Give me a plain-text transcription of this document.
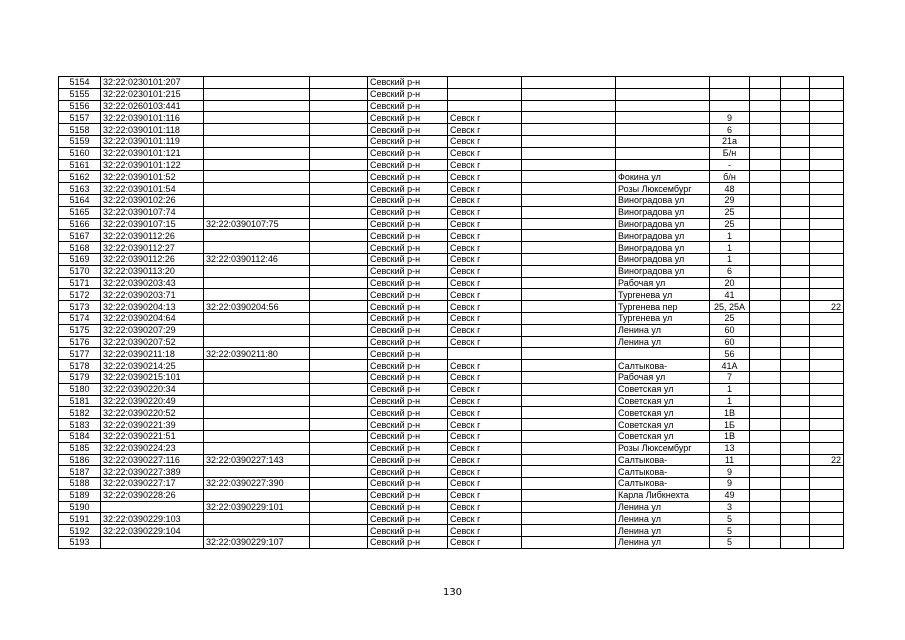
5154	32:22:0230101:207			Севский р-н							
5155	32:22:0230101:215			Севский р-н							
5156	32:22:0260103:441			Севский р-н							
5157	32:22:0390101:116			Севский р-н	Севск г			9			
5158	32:22:0390101:118			Севский р-н	Севск г			6			
5159	32:22:0390101:119			Севский р-н	Севск г			21а			
5160	32:22:0390101:121			Севский р-н	Севск г			Б/н			
5161	32:22:0390101:122			Севский р-н	Севск г			-			
5162	32:22:0390101:52			Севский р-н	Севск г		Фокина ул	б/н			
5163	32:22:0390101:54			Севский р-н	Севск г		Розы Люксембург	48			
5164	32:22:0390102:26			Севский р-н	Севск г		Виноградова ул	29			
5165	32:22:0390107:74			Севский р-н	Севск г		Виноградова ул	25			
5166	32:22:0390107:15	32:22:0390107:75		Севский р-н	Севск г		Виноградова ул	25			
5167	32:22:0390112:26			Севский р-н	Севск г		Виноградова ул	1			
5168	32:22:0390112:27			Севский р-н	Севск г		Виноградова ул	1			
5169	32:22:0390112:26	32:22:0390112:46		Севский р-н	Севск г		Виноградова ул	1			
5170	32:22:0390113:20			Севский р-н	Севск г		Виноградова ул	6			
5171	32:22:0390203:43			Севский р-н	Севск г		Рабочая ул	20			
5172	32:22:0390203:71			Севский р-н	Севск г		Тургенева ул	41			
5173	32:22:0390204:13	32:22:0390204:56		Севский р-н	Севск г		Тургенева пер	25, 25А			22
5174	32:22:0390204:64			Севский р-н	Севск г		Тургенева ул	25			
5175	32:22:0390207:29			Севский р-н	Севск г		Ленина ул	60			
5176	32:22:0390207:52			Севский р-н	Севск г		Ленина ул	60			
5177	32:22:0390211:18	32:22:0390211:80		Севский р-н				56			
5178	32:22:0390214:25			Севский р-н	Севск г		Салтыкова-	41А			
5179	32:22:0390215:101			Севский р-н	Севск г		Рабочая ул	7			
5180	32:22:0390220:34			Севский р-н	Севск г		Советская ул	1			
5181	32:22:0390220:49			Севский р-н	Севск г		Советская ул	1			
5182	32:22:0390220:52			Севский р-н	Севск г		Советская ул	1В			
5183	32:22:0390221:39			Севский р-н	Севск г		Советская ул	1Б			
5184	32:22:0390221:51			Севский р-н	Севск г		Советская ул	1В			
5185	32:22:0390224:23			Севский р-н	Севск г		Розы Люксембург	13			
5186	32:22:0390227:116	32:22:0390227:143		Севский р-н	Севск г		Салтыкова-	11			22
5187	32:22:0390227:389			Севский р-н	Севск г		Салтыкова-	9			
5188	32:22:0390227:17	32:22:0390227:390		Севский р-н	Севск г		Салтыкова-	9			
5189	32:22:0390228:26			Севский р-н	Севск г		Карла Либкнехта	49			
5190		32:22:0390229:101		Севский р-н	Севск г		Ленина ул	3			
5191	32:22:0390229:103			Севский р-н	Севск г		Ленина ул	5			
5192	32:22:0390229:104			Севский р-н	Севск г		Ленина ул	5			
5193		32:22:0390229:107		Севский р-н	Севск г		Ленина ул	5			
130
